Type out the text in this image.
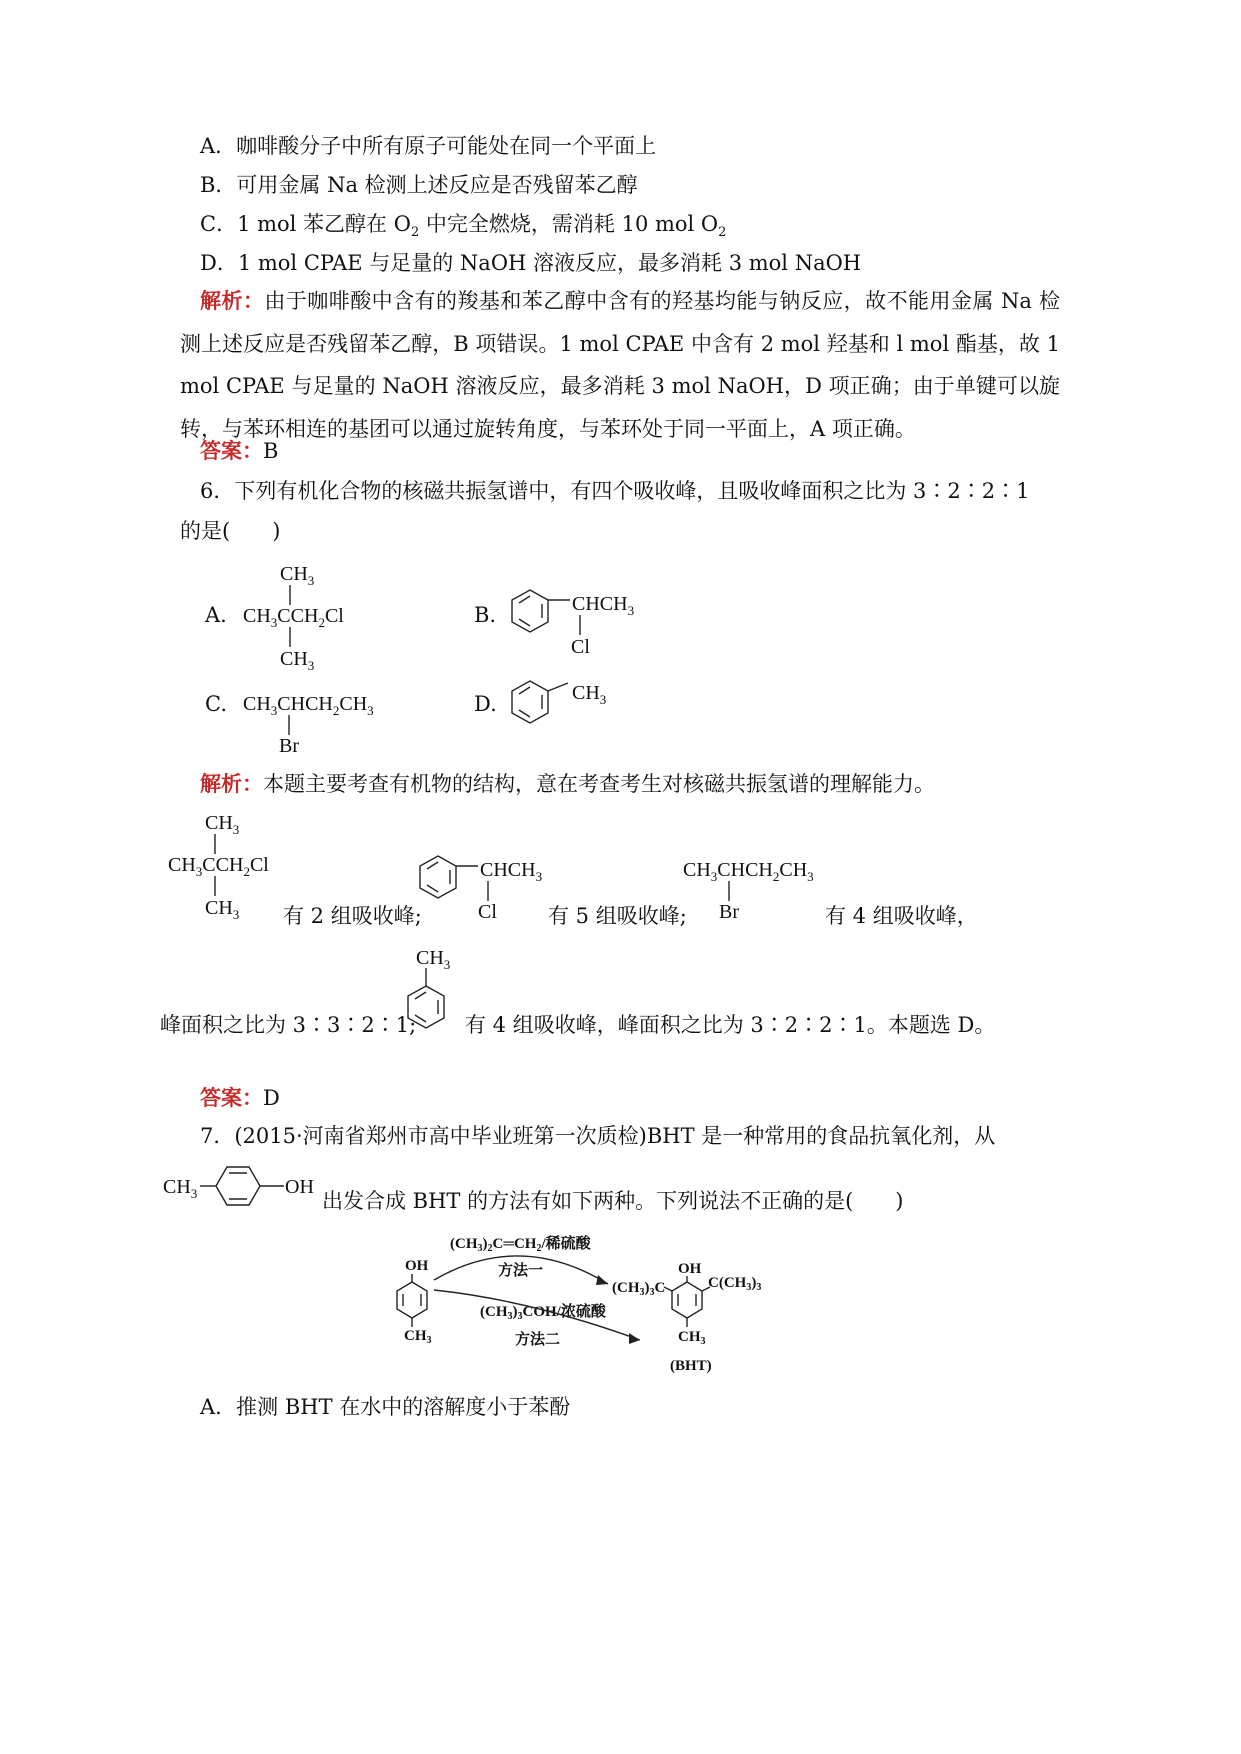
A．咖啡酸分子中所有原子可能处在同一个平面上
B．可用金属 Na 检测上述反应是否残留苯乙醇
C．1 mol 苯乙醇在 $O_2$ 中完全燃烧，需消耗 10 mol $O_2$
D．1 mol CPAE 与足量的 NaOH 溶液反应，最多消耗 3 mol NaOH
解析：由于咖啡酸中含有的羧基和苯乙醇中含有的羟基均能与钠反应，故不能用金属 Na 检测上述反应是否残留苯乙醇，B 项错误。1 mol CPAE 中含有 2 mol 羟基和 l mol 酯基，故 1 mol CPAE 与足量的 NaOH 溶液反应，最多消耗 3 mol NaOH，D 项正确；由于单键可以旋转，与苯环相连的基团可以通过旋转角度，与苯环处于同一平面上，A 项正确。
答案：B
6．下列有机化合物的核磁共振氢谱中，有四个吸收峰，且吸收峰面积之比为 3∶2∶2∶1
的是(　　)
A.
$CH_3$
$CH_3CCH_2Cl$
$CH_3$
B.	$CHCH_3$
Cl
C. $CH_3CHCH_2CH_3$
Br
D.	$CH_3$
解析：本题主要考查有机物的结构，意在考查考生对核磁共振氢谱的理解能力。
$CH_3$
$CH_3CCH_2Cl$
$CH_3$ 有 2 组吸收峰;
$CHCH_3$
Cl 有 5 组吸收峰;
$CH_3CHCH_2CH_3$
Br	有 4 组吸收峰，
峰面积之比为 3∶3∶2∶1;
$CH_3$
有 4 组吸收峰，峰面积之比为 3∶2∶2∶1。本题选 D。
答案：D
7．(2015·河南省郑州市高中毕业班第一次质检)BHT 是一种常用的食品抗氧化剂，从
$CH_3$	OH
出发合成 BHT 的方法有如下两种。下列说法不正确的是(　　)
OH
$CH_3$
$(CH_3)_2C═CH_2/$稀硫酸
方法一
$(CH_3)_3COH/$浓硫酸
方法二
OH
$(CH_3)_3C$	$C(CH_3)_3$
$CH_3$
(BHT)
A．推测 BHT 在水中的溶解度小于苯酚
